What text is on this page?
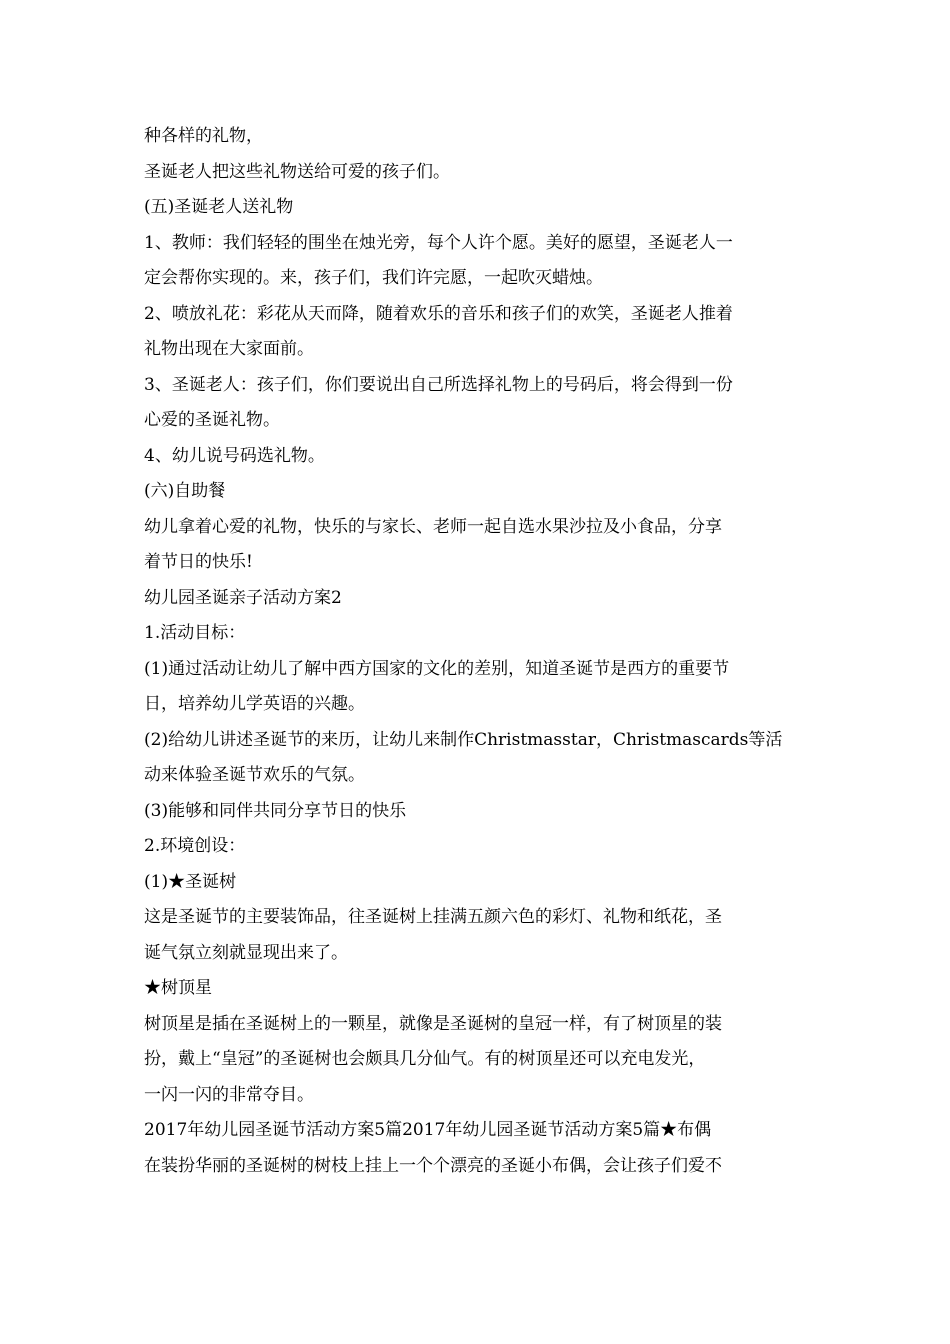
种各样的礼物，
圣诞老人把这些礼物送给可爱的孩子们。
(五)圣诞老人送礼物
1、教师：我们轻轻的围坐在烛光旁，每个人许个愿。美好的愿望，圣诞老人一
定会帮你实现的。来，孩子们，我们许完愿，一起吹灭蜡烛。
2、喷放礼花：彩花从天而降，随着欢乐的音乐和孩子们的欢笑，圣诞老人推着
礼物出现在大家面前。
3、圣诞老人：孩子们，你们要说出自己所选择礼物上的号码后，将会得到一份
心爱的圣诞礼物。
4、幼儿说号码选礼物。
(六)自助餐
幼儿拿着心爱的礼物，快乐的与家长、老师一起自选水果沙拉及小食品，分享
着节日的快乐!
幼儿园圣诞亲子活动方案2
1.活动目标：
(1)通过活动让幼儿了解中西方国家的文化的差别，知道圣诞节是西方的重要节
日，培养幼儿学英语的兴趣。
(2)给幼儿讲述圣诞节的来历，让幼儿来制作Christmasstar，Christmascards等活
动来体验圣诞节欢乐的气氛。
(3)能够和同伴共同分享节日的快乐
2.环境创设：
(1)★圣诞树
这是圣诞节的主要装饰品，往圣诞树上挂满五颜六色的彩灯、礼物和纸花，圣
诞气氛立刻就显现出来了。
★树顶星
树顶星是插在圣诞树上的一颗星，就像是圣诞树的皇冠一样，有了树顶星的装
扮，戴上“皇冠”的圣诞树也会颇具几分仙气。有的树顶星还可以充电发光，
一闪一闪的非常夺目。
2017年幼儿园圣诞节活动方案5篇2017年幼儿园圣诞节活动方案5篇★布偶
在装扮华丽的圣诞树的树枝上挂上一个个漂亮的圣诞小布偶，会让孩子们爱不
